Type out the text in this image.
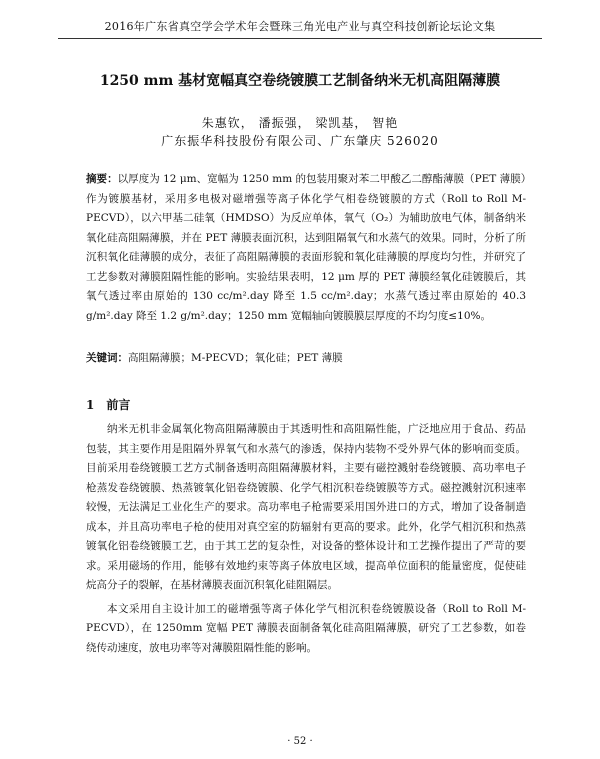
2016年广东省真空学会学术年会暨珠三角光电产业与真空科技创新论坛论文集
1250 mm 基材宽幅真空卷绕镀膜工艺制备纳米无机高阻隔薄膜
朱惠钦， 潘振强， 梁凯基， 智艳
广东振华科技股份有限公司、广东肇庆 526020
摘要：以厚度为 12 μm、宽幅为 1250 mm 的包装用聚对苯二甲酸乙二醇酯薄膜（PET 薄膜）作为镀膜基材，采用多电极对磁增强等离子体化学气相卷绕镀膜的方式（Roll to Roll M-PECVD），以六甲基二硅氧（HMDSO）为反应单体，氧气（O₂）为辅助放电气体，制备纳米氧化硅高阻隔薄膜，并在 PET 薄膜表面沉积，达到阻隔氧气和水蒸气的效果。同时，分析了所沉积氧化硅薄膜的成分，表征了高阻隔薄膜的表面形貌和氧化硅薄膜的厚度均匀性，并研究了工艺参数对薄膜阻隔性能的影响。实验结果表明，12 μm 厚的 PET 薄膜经氧化硅镀膜后，其氧气透过率由原始的 130 cc/m².day 降至 1.5 cc/m².day；水蒸气透过率由原始的 40.3 g/m².day 降至 1.2 g/m².day；1250 mm 宽幅轴向镀膜膜层厚度的不均匀度≤10%。
关键词：高阻隔薄膜；M-PECVD；氧化硅；PET 薄膜
1　前言

纳米无机非金属氧化物高阻隔薄膜由于其透明性和高阻隔性能，广泛地应用于食品、药品包装，其主要作用是阻隔外界氧气和水蒸气的渗透，保持内装物不受外界气体的影响而变质。目前采用卷绕镀膜工艺方式制备透明高阻隔薄膜材料，主要有磁控溅射卷绕镀膜、高功率电子枪蒸发卷绕镀膜、热蒸镀氧化铝卷绕镀膜、化学气相沉积卷绕镀膜等方式。磁控溅射沉积速率较慢，无法满足工业化生产的要求。高功率电子枪需要采用国外进口的方式，增加了设备制造成本，并且高功率电子枪的使用对真空室的防辐射有更高的要求。此外，化学气相沉积和热蒸镀氧化铝卷绕镀膜工艺，由于其工艺的复杂性，对设备的整体设计和工艺操作提出了严苛的要求。采用磁场的作用，能够有效地约束等离子体放电区域，提高单位面积的能量密度，促使硅烷高分子的裂解，在基材薄膜表面沉积氧化硅阻隔层。

本文采用自主设计加工的磁增强等离子体化学气相沉积卷绕镀膜设备（Roll to Roll M-PECVD），在 1250mm 宽幅 PET 薄膜表面制备氧化硅高阻隔薄膜，研究了工艺参数，如卷绕传动速度，放电功率等对薄膜阻隔性能的影响。

· 52 ·
